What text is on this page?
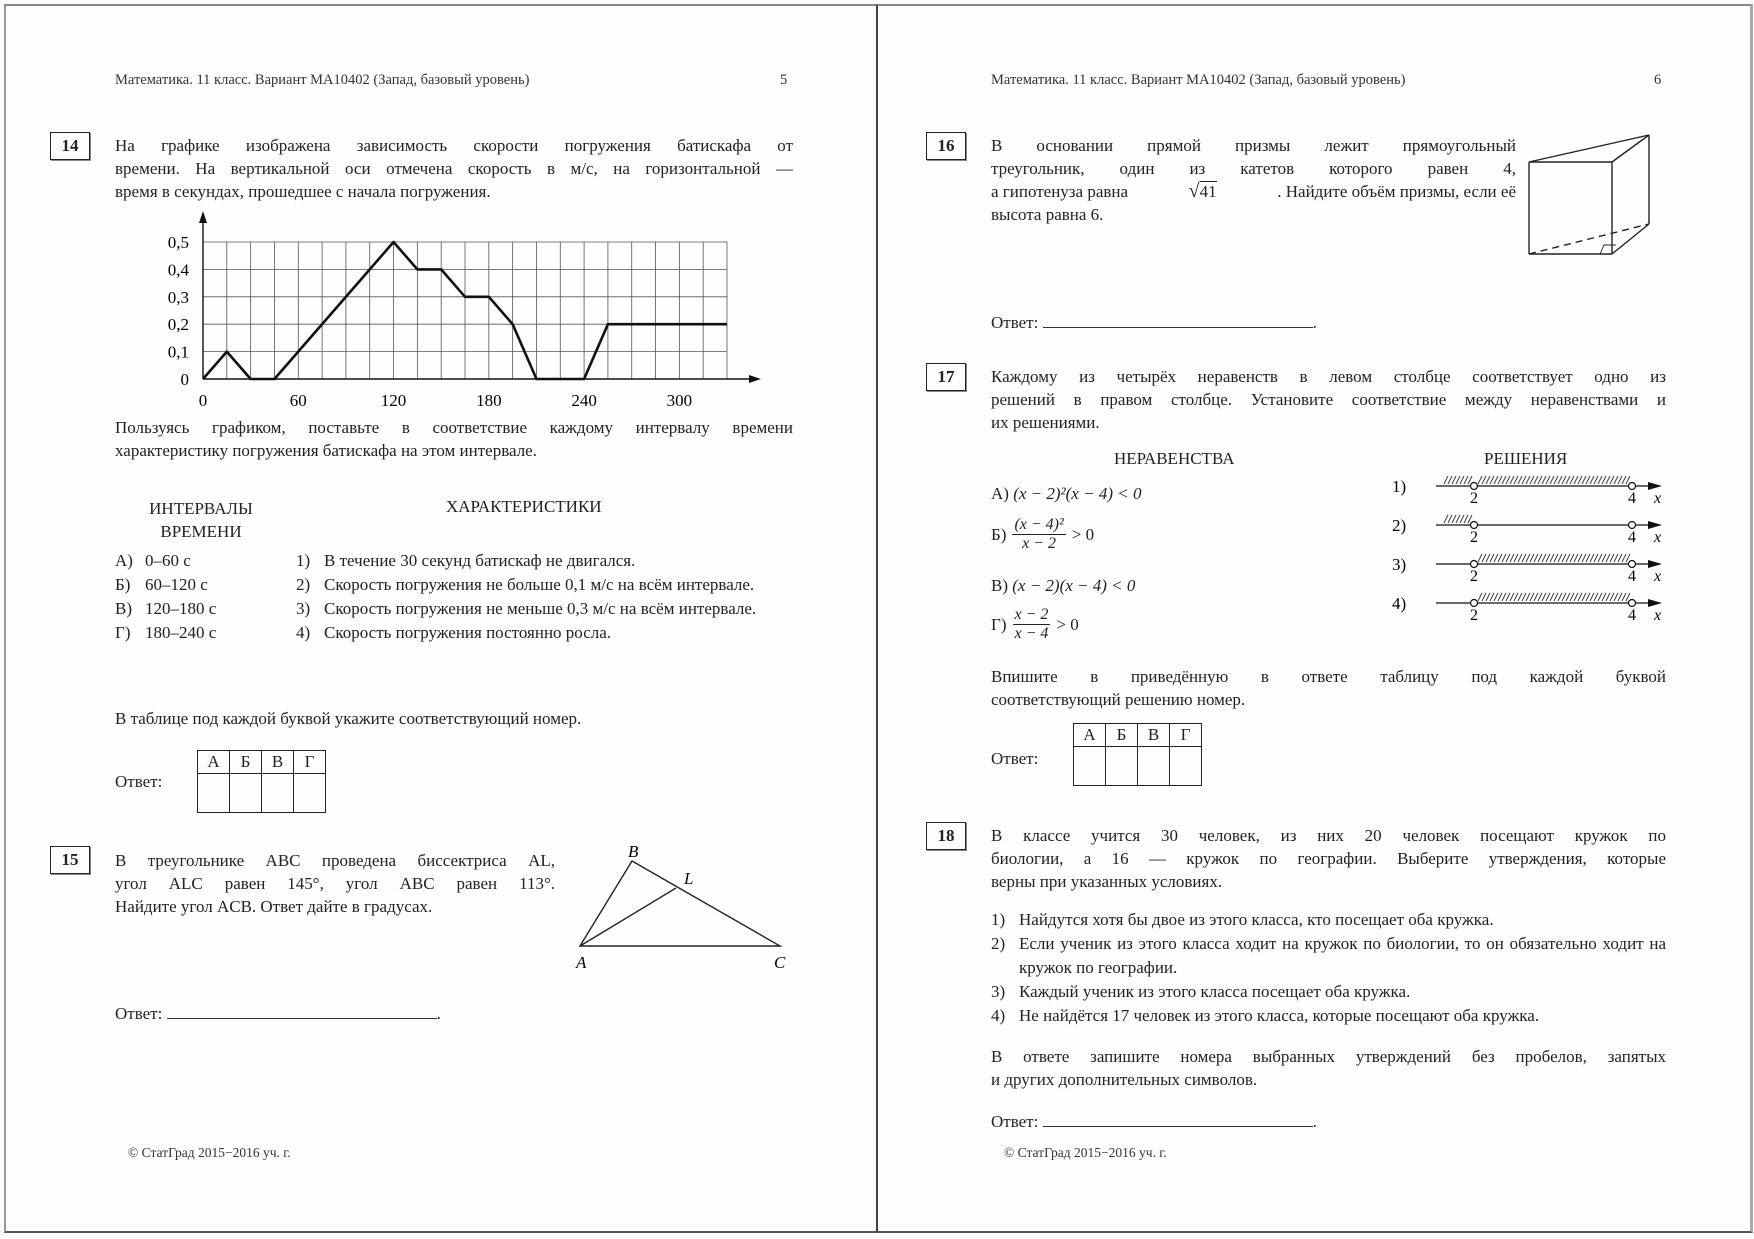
Математика. 11 класс. Вариант МА10402 (Запад, базовый уровень)	5
14	На графике изображена зависимость скорости погружения батискафа от
времени. На вертикальной оси отмечена скорость в м/с, на горизонтальной —
время в секундах, прошедшее с начала погружения.
0
0,1
0,2
0,3
0,4
0,5
0	60	120	180	240	300
Пользуясь графиком, поставьте в соответствие каждому интервалу времени
характеристику погружения батискафа на этом интервале.
ИНТЕРВАЛЫ
ВРЕМЕНИ
ХАРАКТЕРИСТИКИ
А) 0–60 с
Б) 60–120 с
В) 120–180 с
Г) 180–240 с
1) В течение 30 секунд батискаф не двигался.
2) Скорость погружения не больше 0,1 м/с на всём интервале.
3) Скорость погружения не меньше 0,3 м/с на всём интервале.
4) Скорость погружения постоянно росла.
В таблице под каждой буквой укажите соответствующий номер.
Ответ:
А	Б	В	Г

15	В треугольнике ABC проведена биссектриса AL,
угол ALC равен 145°, угол ABC равен 113°.
Найдите угол ACB. Ответ дайте в градусах.
A
B
C
L
Ответ:	.
© СтатГрад 2015−2016 уч. г.
Математика. 11 класс. Вариант МА10402 (Запад, базовый уровень)	6
16	В основании прямой призмы лежит прямоугольный
треугольник, один из катетов которого равен 4,
а гипотенуза равна	√41	. Найдите объём призмы, если её
высота равна 6.
Ответ:	.
17	Каждому из четырёх неравенств в левом столбце соответствует одно из
решений в правом столбце. Установите соответствие между неравенствами и
их решениями.
НЕРАВЕНСТВА	РЕШЕНИЯ
А) (x − 2)²(x − 4) < 0
$Б) \frac{\text{(x − 4)²}}{x - 2} > 0$
В) (x − 2)(x − 4) < 0
$Г) \frac{x - 2}{x - 4} > 0$
1)
2	4 x
2)
2	4 x
3)
2	4 x
4)
2	4 x
Впишите в приведённую в ответе таблицу под каждой буквой
соответствующий решению номер.
Ответ:
А	Б	В	Г

18	В классе учится 30 человек, из них 20 человек посещают кружок по
биологии, а 16 — кружок по географии. Выберите утверждения, которые
верны при указанных условиях.
1) Найдутся хотя бы двое из этого класса, кто посещает оба кружка.
2) Если ученик из этого класса ходит на кружок по биологии, то он обязательно ходит на кружок по географии.
3) Каждый ученик из этого класса посещает оба кружка.
4) Не найдётся 17 человек из этого класса, которые посещают оба кружка.
В ответе запишите номера выбранных утверждений без пробелов, запятых
и других дополнительных символов.
Ответ:	.
© СтатГрад 2015−2016 уч. г.
